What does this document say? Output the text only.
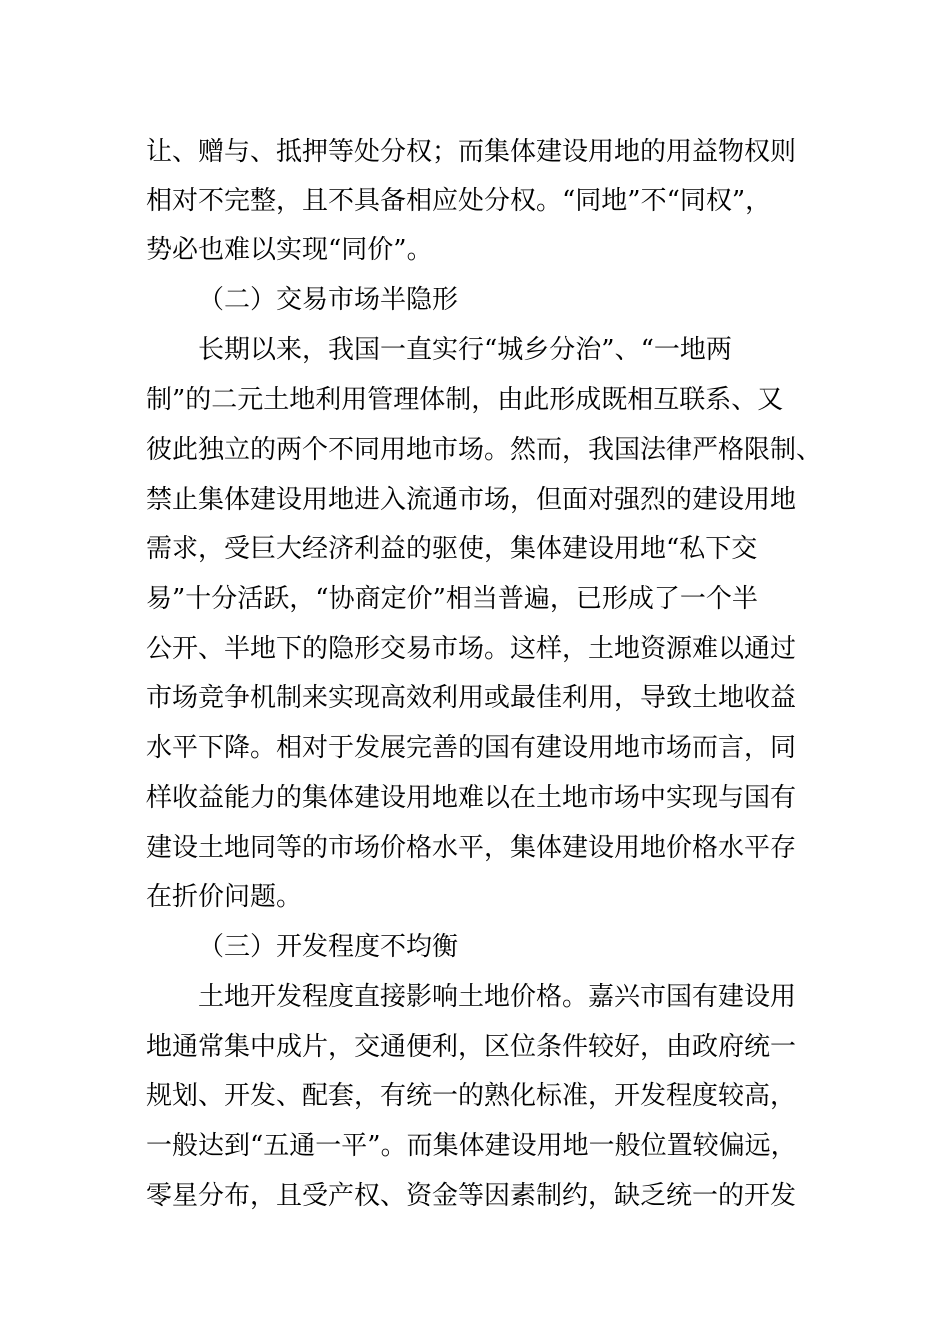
让、赠与、抵押等处分权；而集体建设用地的用益物权则
相对不完整，且不具备相应处分权。“同地”不“同权”，
势必也难以实现“同价”。
（二）交易市场半隐形
长期以来，我国一直实行“城乡分治”、“一地两
制”的二元土地利用管理体制，由此形成既相互联系、又
彼此独立的两个不同用地市场。然而，我国法律严格限制、
禁止集体建设用地进入流通市场，但面对强烈的建设用地
需求，受巨大经济利益的驱使，集体建设用地“私下交
易”十分活跃，“协商定价”相当普遍，已形成了一个半
公开、半地下的隐形交易市场。这样，土地资源难以通过
市场竞争机制来实现高效利用或最佳利用，导致土地收益
水平下降。相对于发展完善的国有建设用地市场而言，同
样收益能力的集体建设用地难以在土地市场中实现与国有
建设土地同等的市场价格水平，集体建设用地价格水平存
在折价问题。
（三）开发程度不均衡
土地开发程度直接影响土地价格。嘉兴市国有建设用
地通常集中成片，交通便利，区位条件较好，由政府统一
规划、开发、配套，有统一的熟化标准，开发程度较高，
一般达到“五通一平”。而集体建设用地一般位置较偏远，
零星分布，且受产权、资金等因素制约，缺乏统一的开发
